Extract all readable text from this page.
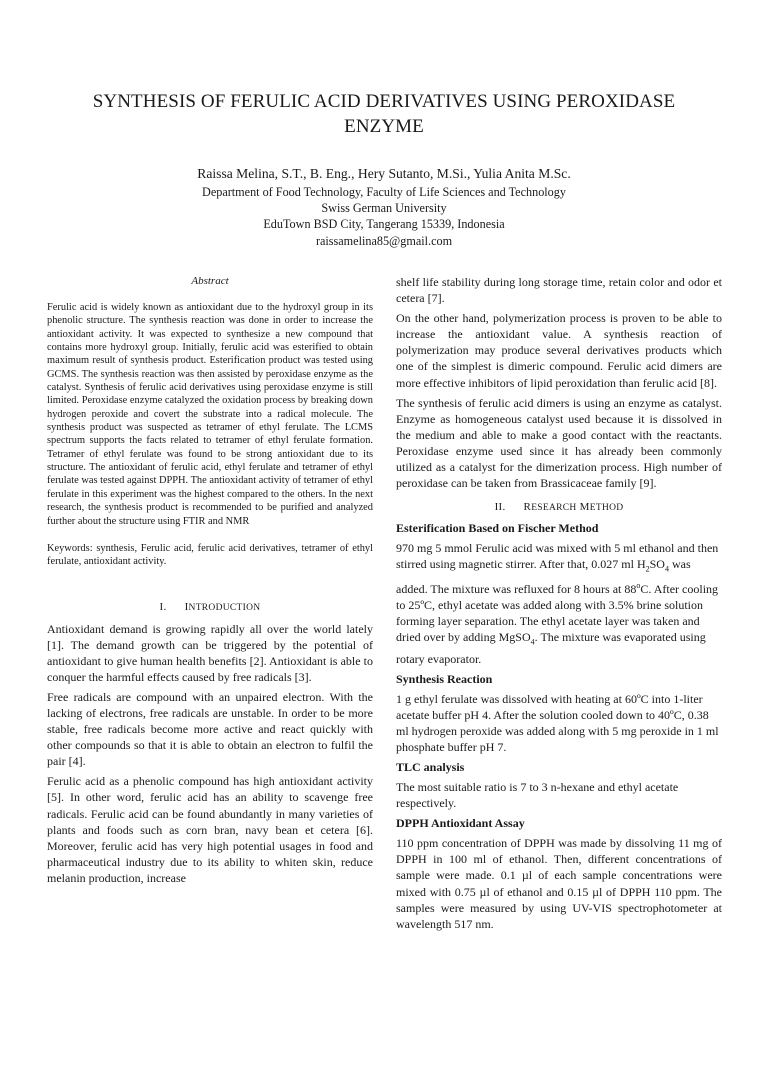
SYNTHESIS OF FERULIC ACID DERIVATIVES USING PEROXIDASE
ENZYME
Raissa Melina, S.T., B. Eng., Hery Sutanto, M.Si., Yulia Anita M.Sc.
Department of Food Technology, Faculty of Life Sciences and Technology
Swiss German University
EduTown BSD City, Tangerang 15339, Indonesia
raissamelina85@gmail.com

Abstract

Ferulic acid is widely known as antioxidant due to the hydroxyl group in its phenolic structure. The synthesis reaction was done in order to increase the antioxidant activity. It was expected to synthesize a new compound that contains more hydroxyl group. Initially, ferulic acid was esterified to obtain maximum result of synthesis product. Esterification product was tested using GCMS. The synthesis reaction was then assisted by peroxidase enzyme as the catalyst. Synthesis of ferulic acid derivatives using peroxidase enzyme is still limited. Peroxidase enzyme catalyzed the oxidation process by breaking down hydrogen peroxide and covert the substrate into a radical molecule. The synthesis product was suspected as tetramer of ethyl ferulate. The LCMS spectrum supports the facts related to tetramer of ethyl ferulate formation. Tetramer of ethyl ferulate was found to be strong antioxidant due to its structure. The antioxidant of ferulic acid, ethyl ferulate and tetramer of ethyl ferulate was tested against DPPH. The antioxidant activity of tetramer of ethyl ferulate in this experiment was the highest compared to the others. In the next research, the synthesis product is recommended to be purified and analyzed further about the structure using FTIR and NMR

Keywords: synthesis, Ferulic acid, ferulic acid derivatives, tetramer of ethyl ferulate, antioxidant activity.

I. INTRODUCTION

Antioxidant demand is growing rapidly all over the world lately [1]. The demand growth can be triggered by the potential of antioxidant to give human health benefits [2]. Antioxidant is able to conquer the harmful effects caused by free radicals [3].

Free radicals are compound with an unpaired electron. With the lacking of electrons, free radicals are unstable. In order to be more stable, free radicals become more active and react quickly with other compounds so that it is able to obtain an electron to fulfil the pair [4].

Ferulic acid as a phenolic compound has high antioxidant activity [5]. In other word, ferulic acid has an ability to scavenge free radicals. Ferulic acid can be found abundantly in many varieties of plants and foods such as corn bran, navy bean et cetera [6]. Moreover, ferulic acid has very high potential usages in food and pharmaceutical industry due to its ability to whiten skin, reduce melanin production, increase

shelf life stability during long storage time, retain color and odor et cetera [7].

On the other hand, polymerization process is proven to be able to increase the antioxidant value. A synthesis reaction of polymerization may produce several derivatives products which one of the simplest is dimeric compound. Ferulic acid dimers are more effective inhibitors of lipid peroxidation than ferulic acid [8].

The synthesis of ferulic acid dimers is using an enzyme as catalyst. Enzyme as homogeneous catalyst used because it is dissolved in the medium and able to make a good contact with the reactants. Peroxidase enzyme used since it has already been commonly utilized as a catalyst for the dimerization process. High number of peroxidase can be taken from Brassicaceae family [9].

II. RESEARCH METHOD

Esterification Based on Fischer Method

970 mg 5 mmol Ferulic acid was mixed with 5 ml ethanol and then stirred using magnetic stirrer. After that, 0.027 ml $H_2SO_4$ was added. The mixture was refluxed for 8 hours at 88$^o$C. After cooling to 25ºC, ethyl acetate was added along with 3.5% brine solution forming layer separation. The ethyl acetate layer was taken and dried over by adding MgSO$_4$. The mixture was evaporated using rotary evaporator.

Synthesis Reaction

1 g ethyl ferulate was dissolved with heating at 60ºC into 1-liter acetate buffer pH 4. After the solution cooled down to 40ºC, 0.38 ml hydrogen peroxide was added along with 5 mg peroxide in 1 ml phosphate buffer pH 7.

TLC analysis

The most suitable ratio is 7 to 3 n-hexane and ethyl acetate respectively.

DPPH Antioxidant Assay

110 ppm concentration of DPPH was made by dissolving 11 mg of DPPH in 100 ml of ethanol. Then, different concentrations of sample were made. 0.1 µl of each sample concentrations were mixed with 0.75 µl of ethanol and 0.15 µl of DPPH 110 ppm. The samples were measured by using UV-VIS spectrophotometer at wavelength 517 nm.
